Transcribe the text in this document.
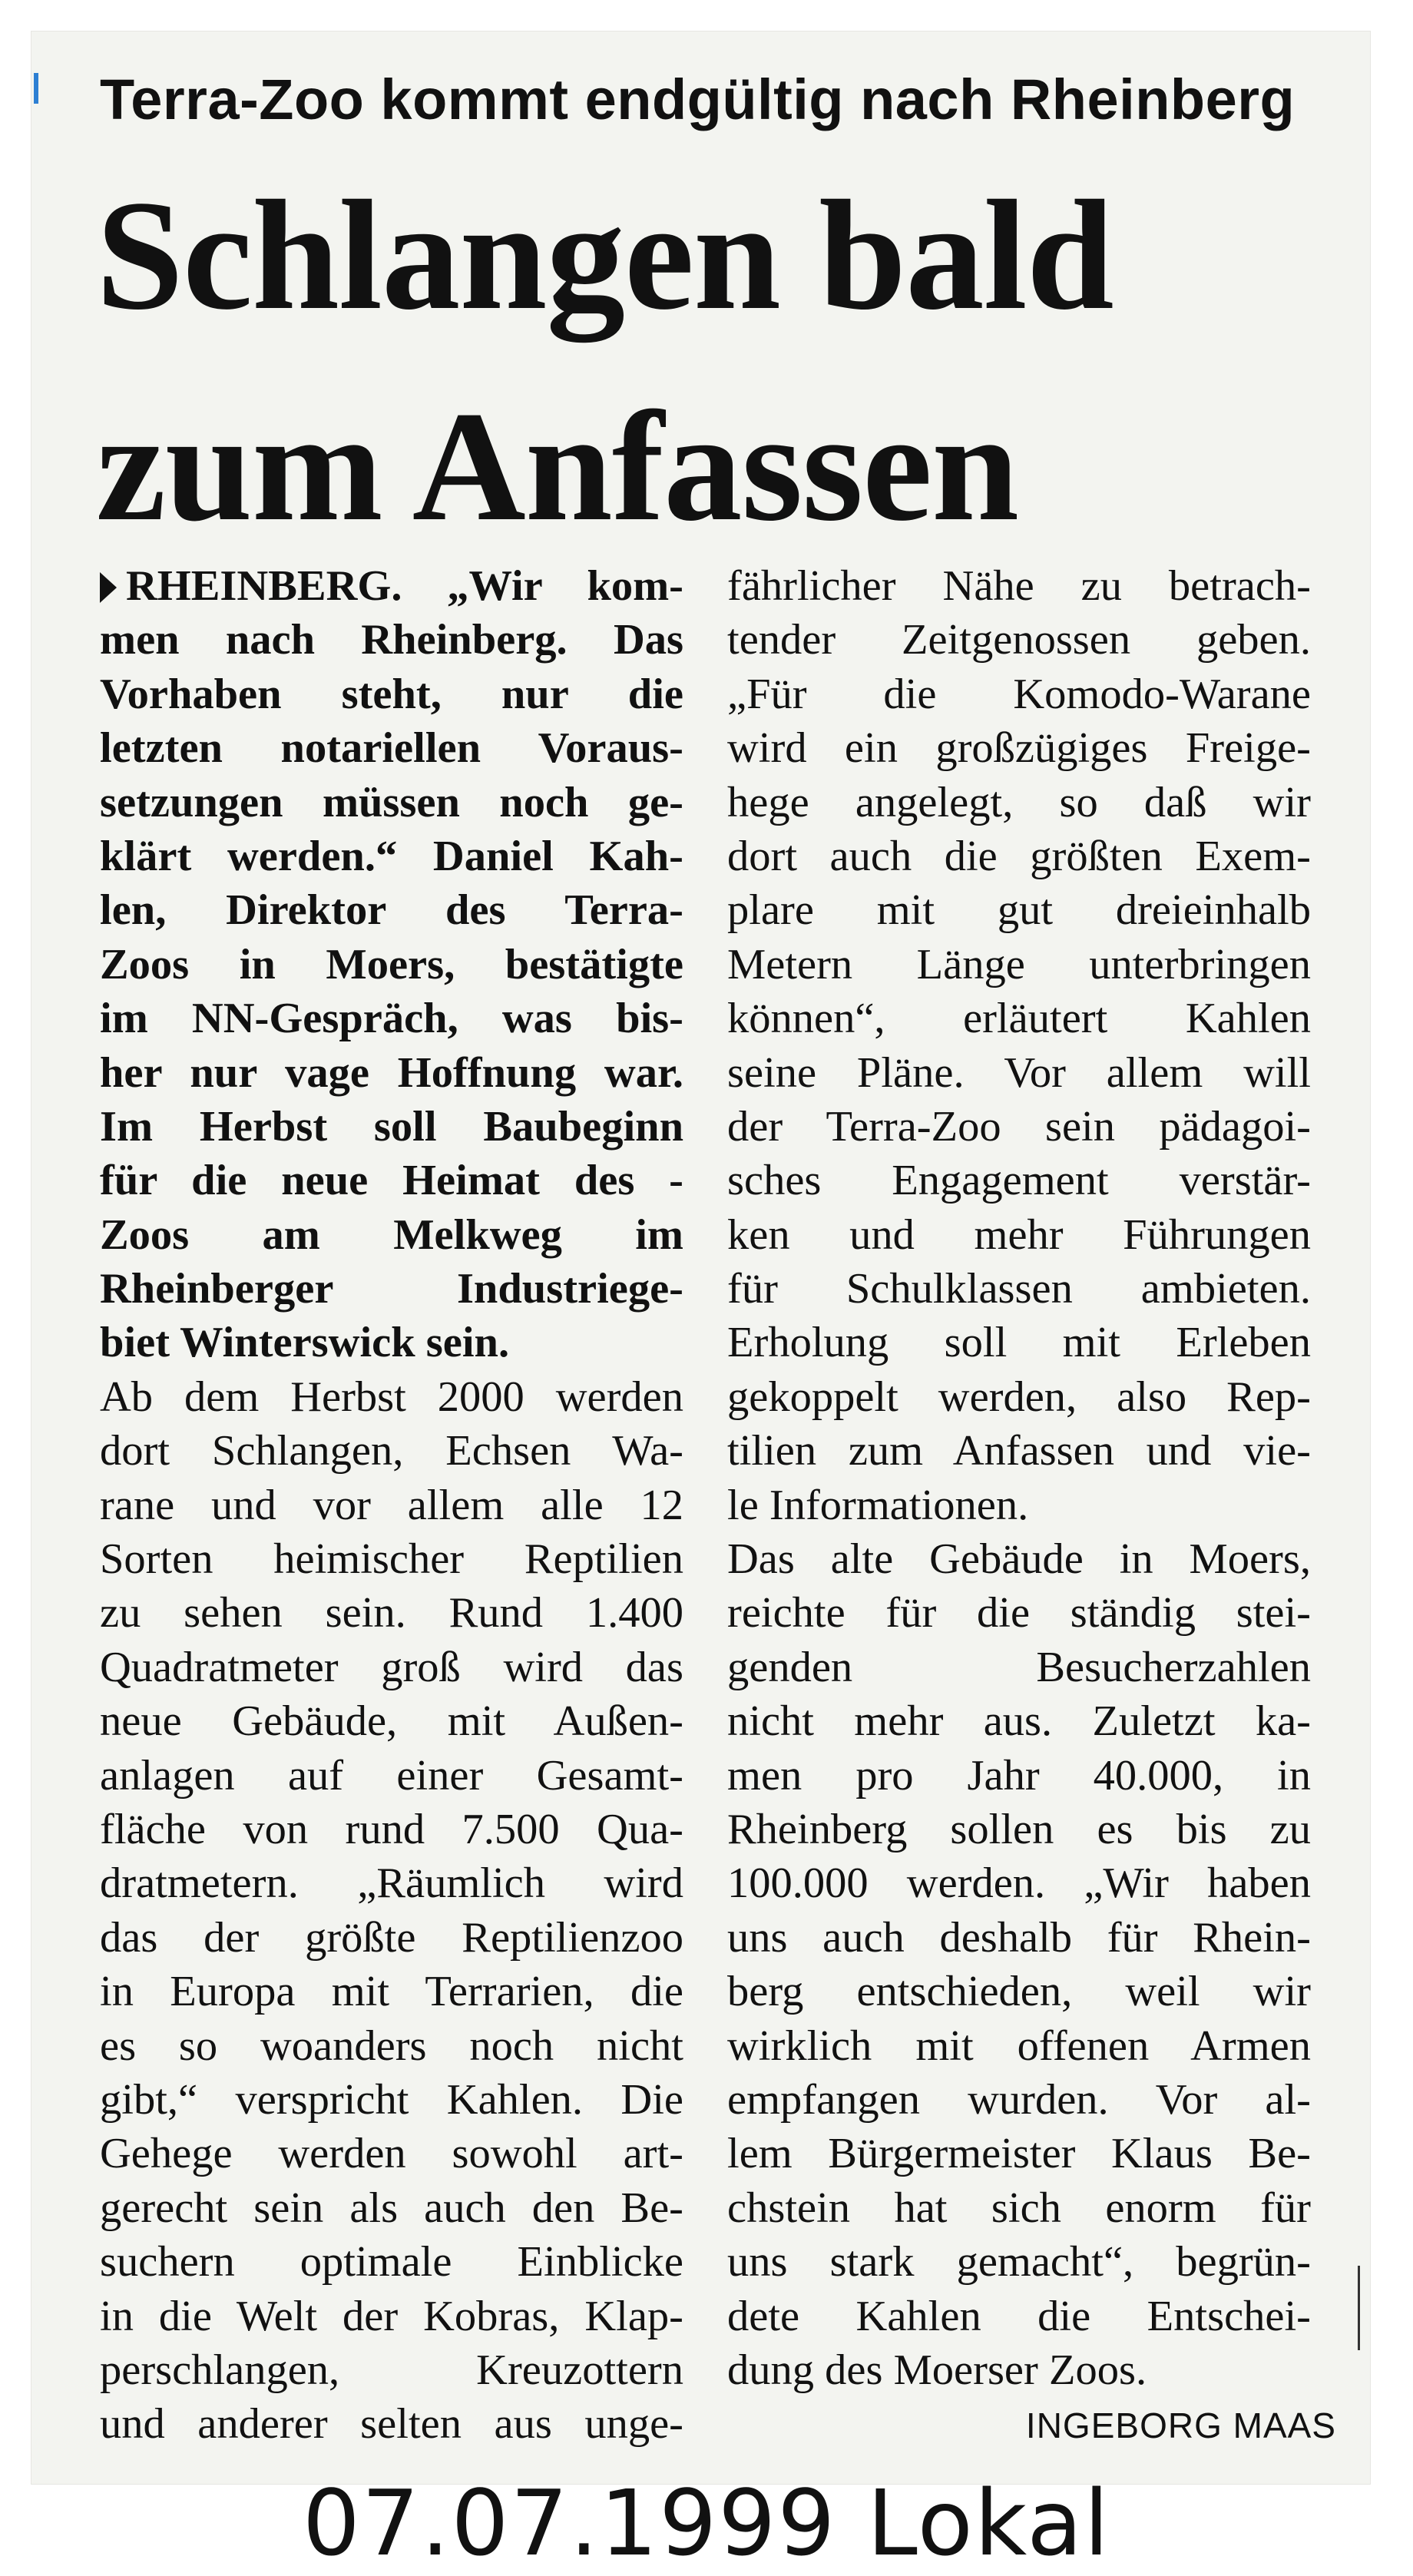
Terra-Zoo kommt endgültig nach Rheinberg
Schlangen bald
zum Anfassen
RHEINBERG. „Wir kom-
men nach Rheinberg. Das
Vorhaben steht, nur die
letzten notariellen Voraus-
setzungen müssen noch ge-
klärt werden.“ Daniel Kah-
len, Direktor des Terra-
Zoos in Moers, bestätigte
im NN-Gespräch, was bis-
her nur vage Hoffnung war.
Im Herbst soll Baubeginn
für die neue Heimat des -
Zoos am Melkweg im
Rheinberger Industriege-
biet Winterswick sein.
Ab dem Herbst 2000 werden
dort Schlangen, Echsen Wa-
rane und vor allem alle 12
Sorten heimischer Reptilien
zu sehen sein. Rund 1.400
Quadratmeter groß wird das
neue Gebäude, mit Außen-
anlagen auf einer Gesamt-
fläche von rund 7.500 Qua-
dratmetern. „Räumlich wird
das der größte Reptilienzoo
in Europa mit Terrarien, die
es so woanders noch nicht
gibt,“ verspricht Kahlen. Die
Gehege werden sowohl art-
gerecht sein als auch den Be-
suchern optimale Einblicke
in die Welt der Kobras, Klap-
perschlangen, Kreuzottern
und anderer selten aus unge-
fährlicher Nähe zu betrach-
tender Zeitgenossen geben.
„Für die Komodo-Warane
wird ein großzügiges Freige-
hege angelegt, so daß wir
dort auch die größten Exem-
plare mit gut dreieinhalb
Metern Länge unterbringen
können“, erläutert Kahlen
seine Pläne. Vor allem will
der Terra-Zoo sein pädagoi-
sches Engagement verstär-
ken und mehr Führungen
für Schulklassen ambieten.
Erholung soll mit Erleben
gekoppelt werden, also Rep-
tilien zum Anfassen und vie-
le Informationen.
Das alte Gebäude in Moers,
reichte für die ständig stei-
genden Besucherzahlen
nicht mehr aus. Zuletzt ka-
men pro Jahr 40.000, in
Rheinberg sollen es bis zu
100.000 werden. „Wir haben
uns auch deshalb für Rhein-
berg entschieden, weil wir
wirklich mit offenen Armen
empfangen wurden. Vor al-
lem Bürgermeister Klaus Be-
chstein hat sich enorm für
uns stark gemacht“, begrün-
dete Kahlen die Entschei-
dung des Moerser Zoos.
INGEBORG MAAS
07.07.1999 Lokal
